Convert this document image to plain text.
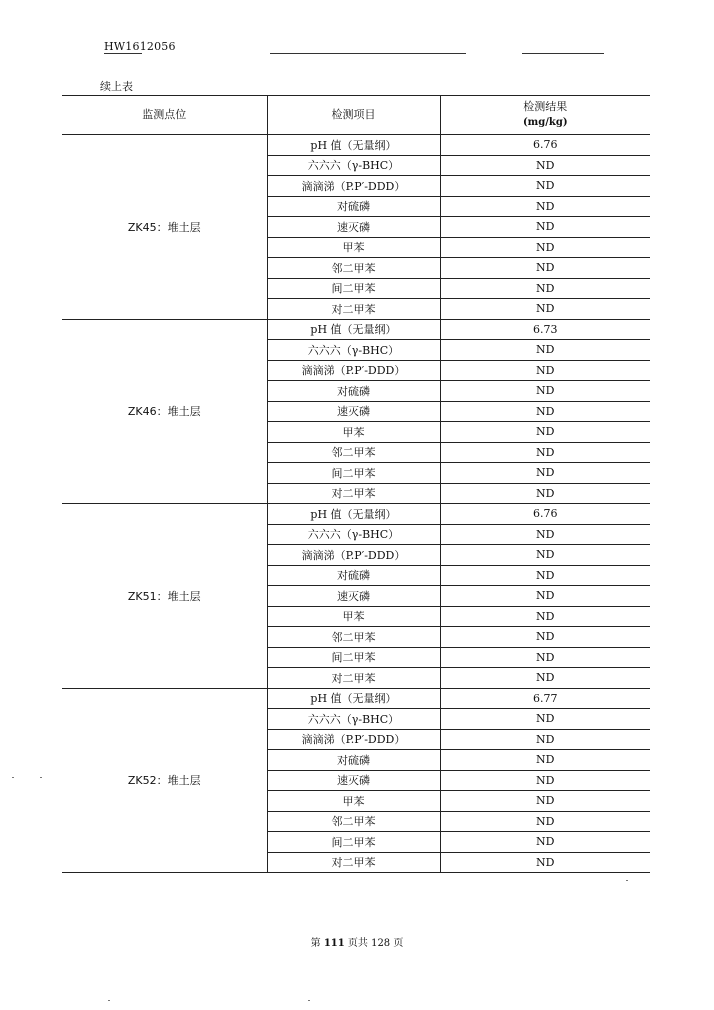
HW1612056
续上表
监测点位	检测项目	检测结果
(mg/kg)

ZK45：堆土层	pH 值（无量纲）	6.76
	六六六（γ-BHC）	ND
	滴滴涕（P.P′-DDD）	ND
	对硫磷	ND
	速灭磷	ND
	甲苯	ND
	邻二甲苯	ND
	间二甲苯	ND
	对二甲苯	ND
ZK46：堆土层	pH 值（无量纲）	6.73
	六六六（γ-BHC）	ND
	滴滴涕（P.P′-DDD）	ND
	对硫磷	ND
	速灭磷	ND
	甲苯	ND
	邻二甲苯	ND
	间二甲苯	ND
	对二甲苯	ND
ZK51：堆土层	pH 值（无量纲）	6.76
	六六六（γ-BHC）	ND
	滴滴涕（P.P′-DDD）	ND
	对硫磷	ND
	速灭磷	ND
	甲苯	ND
	邻二甲苯	ND
	间二甲苯	ND
	对二甲苯	ND
ZK52：堆土层	pH 值（无量纲）	6.77
	六六六（γ-BHC）	ND
	滴滴涕（P.P′-DDD）	ND
	对硫磷	ND
	速灭磷	ND
	甲苯	ND
	邻二甲苯	ND
	间二甲苯	ND
	对二甲苯	ND
第 111 页共 128 页
